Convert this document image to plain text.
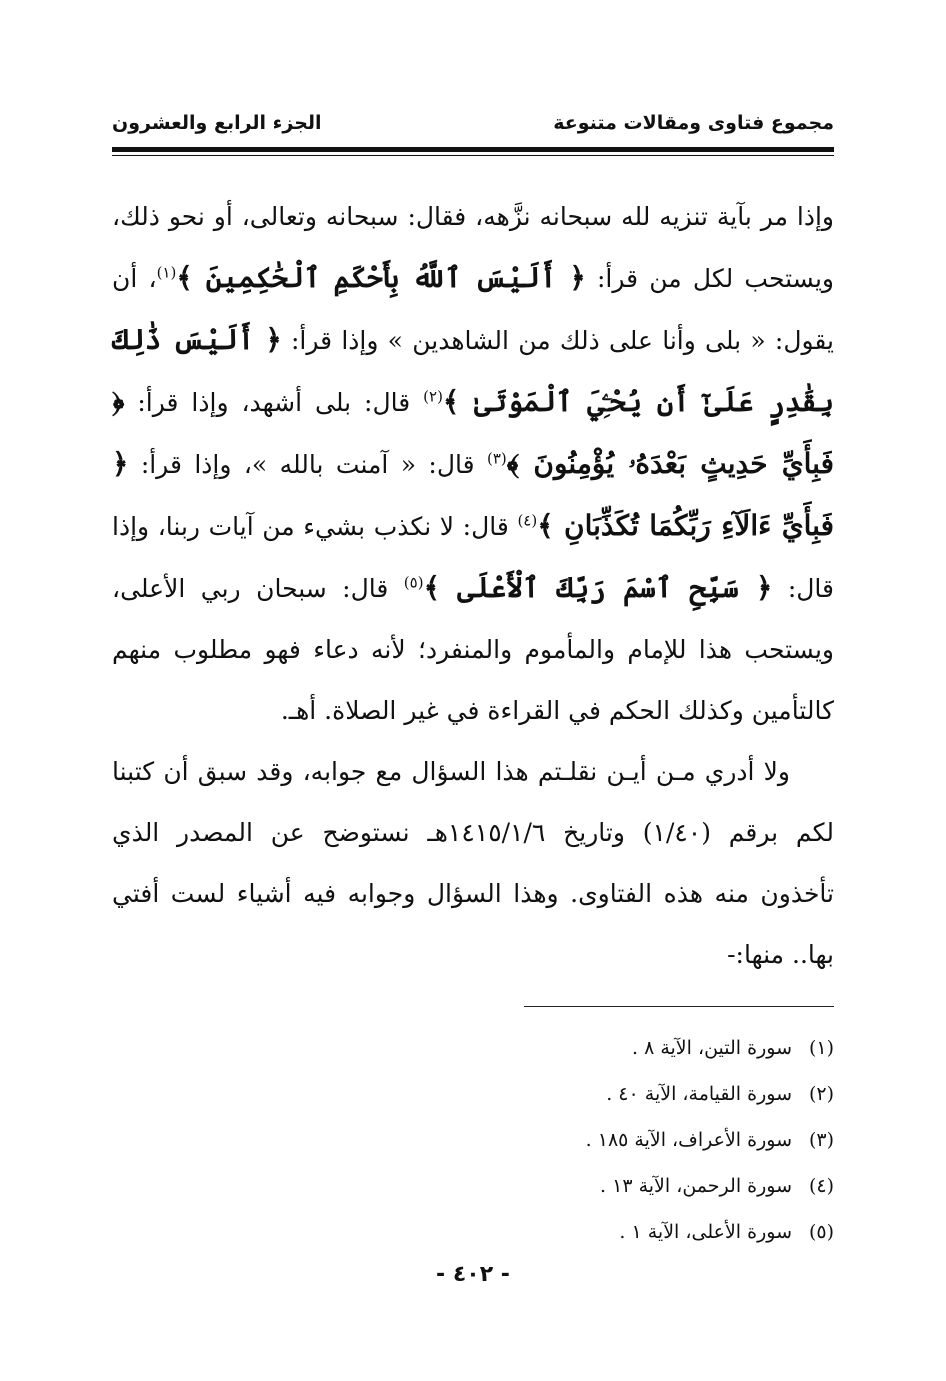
مجموع فتاوى ومقالات متنوعة
الجزء الرابع والعشرون

وإذا مر بآية تنزيه لله سبحانه نزَّهه، فقال: سبحانه وتعالى، أو نحو ذلك، ويستحب لكل من قرأ: ﴿ أَلَيْسَ ٱللَّهُ بِأَحْكَمِ ٱلْحَٰكِمِينَ ﴾$^{(١)}$، أن يقول: « بلى وأنا على ذلك من الشاهدين » وإذا قرأ: ﴿ أَلَيْسَ ذَٰلِكَ بِقَٰدِرٍ عَلَىٰٓ أَن يُحْـِۧيَ ٱلْمَوْتَىٰ ﴾$^{(٢)}$ قال: بلى أشهد، وإذا قرأ: ﴿ فَبِأَيِّ حَدِيثٍ بَعْدَهُۥ يُؤْمِنُونَ ﴾$^{(٣)}$ قال: « آمنت بالله »، وإذا قرأ: ﴿ فَبِأَيِّ ءَالَآءِ رَبِّكُمَا تُكَذِّبَانِ ﴾$^{(٤)}$ قال: لا نكذب بشيء من آيات ربنا، وإذا قال: ﴿ سَبِّحِ ٱسْمَ رَبِّكَ ٱلْأَعْلَى ﴾$^{(٥)}$ قال: سبحان ربي الأعلى، ويستحب هذا للإمام والمأموم والمنفرد؛ لأنه دعاء فهو مطلوب منهم كالتأمين وكذلك الحكم في القراءة في غير الصلاة. أهـ.

ولا أدري مـن أيـن نقلـتم هذا السؤال مع جوابه، وقد سبق أن كتبنا لكم برقم (١/٤٠) وتاريخ ١٤١٥/١/٦هـ نستوضح عن المصدر الذي تأخذون منه هذه الفتاوى. وهذا السؤال وجوابه فيه أشياء لست أفتي بها.. منها:-

(١)سورة التين، الآية ٨ .
(٢)سورة القيامة، الآية ٤٠ .
(٣)سورة الأعراف، الآية ١٨٥ .
(٤)سورة الرحمن، الآية ١٣ .
(٥)سورة الأعلى، الآية ١ .
- ٤٠٢ -
